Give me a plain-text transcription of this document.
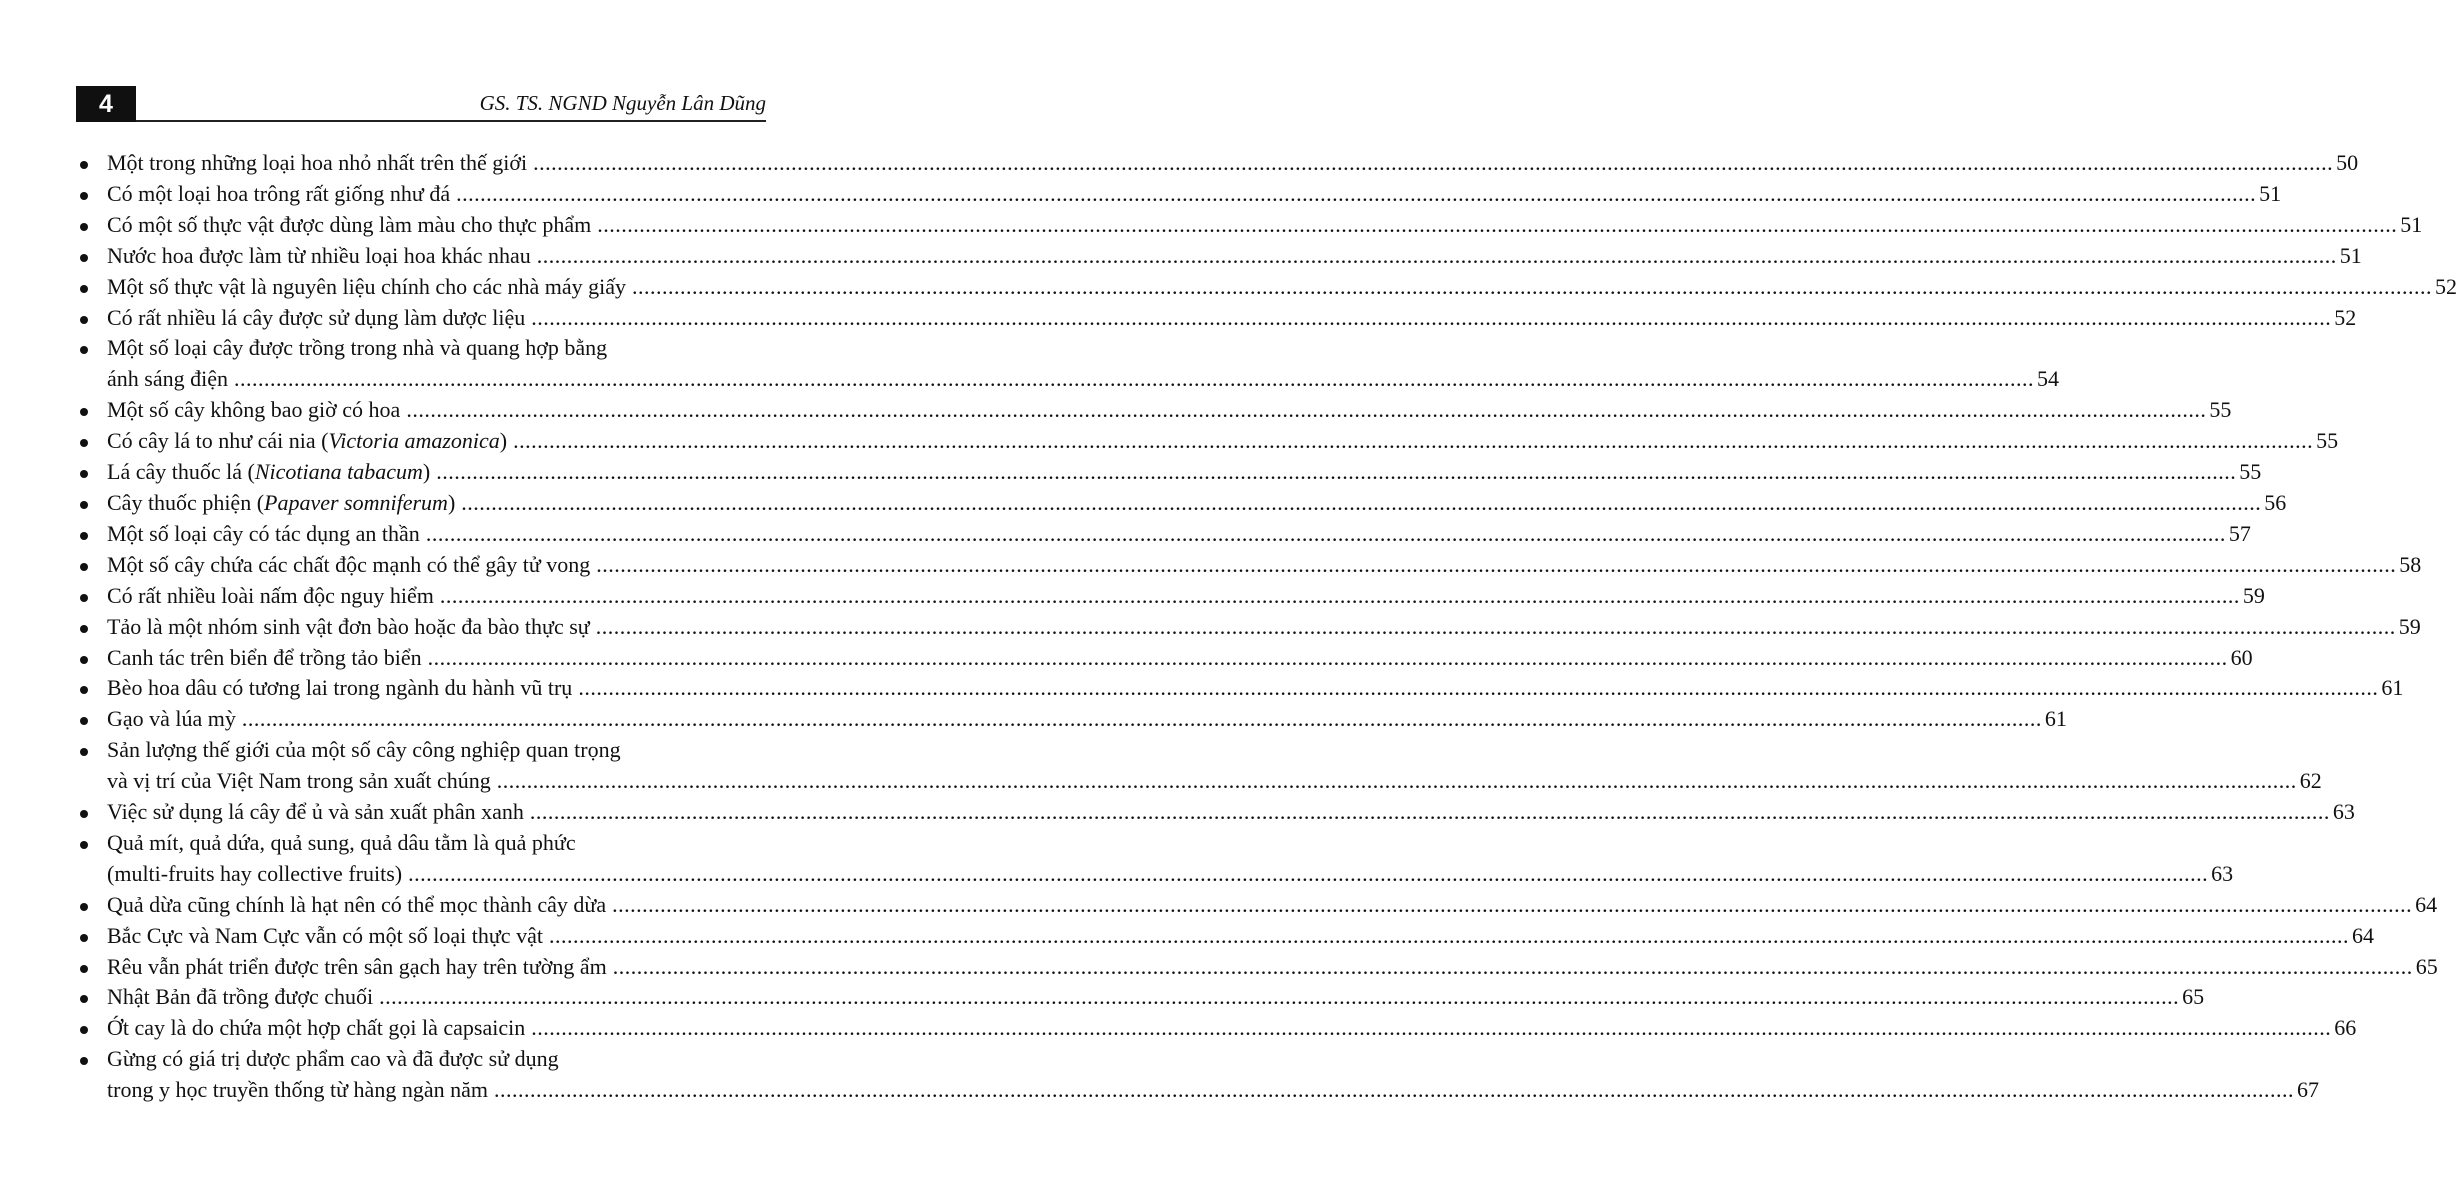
4	GS. TS. NGND Nguyễn Lân Dũng
Một trong những loại hoa nhỏ nhất trên thế giới ............................................................................................................................................................................................................................................................................................................ 50
Có một loại hoa trông rất giống như đá ............................................................................................................................................................................................................................................................................................................ 51
Có một số thực vật được dùng làm màu cho thực phẩm ............................................................................................................................................................................................................................................................................................................ 51
Nước hoa được làm từ nhiều loại hoa khác nhau ............................................................................................................................................................................................................................................................................................................ 51
Một số thực vật là nguyên liệu chính cho các nhà máy giấy ............................................................................................................................................................................................................................................................................................................ 52
Có rất nhiều lá cây được sử dụng làm dược liệu ............................................................................................................................................................................................................................................................................................................ 52
Một số loại cây được trồng trong nhà và quang hợp bằng
ánh sáng điện ............................................................................................................................................................................................................................................................................................................ 54
Một số cây không bao giờ có hoa ............................................................................................................................................................................................................................................................................................................ 55
Có cây lá to như cái nia (Victoria amazonica) ............................................................................................................................................................................................................................................................................................................ 55
Lá cây thuốc lá (Nicotiana tabacum) ............................................................................................................................................................................................................................................................................................................ 55
Cây thuốc phiện (Papaver somniferum) ............................................................................................................................................................................................................................................................................................................ 56
Một số loại cây có tác dụng an thần ............................................................................................................................................................................................................................................................................................................ 57
Một số cây chứa các chất độc mạnh có thể gây tử vong ............................................................................................................................................................................................................................................................................................................ 58
Có rất nhiều loài nấm độc nguy hiểm ............................................................................................................................................................................................................................................................................................................ 59
Tảo là một nhóm sinh vật đơn bào hoặc đa bào thực sự ............................................................................................................................................................................................................................................................................................................ 59
Canh tác trên biển để trồng tảo biển ............................................................................................................................................................................................................................................................................................................ 60
Bèo hoa dâu có tương lai trong ngành du hành vũ trụ ............................................................................................................................................................................................................................................................................................................ 61
Gạo và lúa mỳ ............................................................................................................................................................................................................................................................................................................ 61
Sản lượng thế giới của một số cây công nghiệp quan trọng
và vị trí của Việt Nam trong sản xuất chúng ............................................................................................................................................................................................................................................................................................................ 62
Việc sử dụng lá cây để ủ và sản xuất phân xanh ............................................................................................................................................................................................................................................................................................................ 63
Quả mít, quả dứa, quả sung, quả dâu tằm là quả phức
(multi-fruits hay collective fruits) ............................................................................................................................................................................................................................................................................................................ 63
Quả dừa cũng chính là hạt nên có thể mọc thành cây dừa ............................................................................................................................................................................................................................................................................................................ 64
Bắc Cực và Nam Cực vẫn có một số loại thực vật ............................................................................................................................................................................................................................................................................................................ 64
Rêu vẫn phát triển được trên sân gạch hay trên tường ẩm ............................................................................................................................................................................................................................................................................................................ 65
Nhật Bản đã trồng được chuối ............................................................................................................................................................................................................................................................................................................ 65
Ớt cay là do chứa một hợp chất gọi là capsaicin ............................................................................................................................................................................................................................................................................................................ 66
Gừng có giá trị dược phẩm cao và đã được sử dụng
trong y học truyền thống từ hàng ngàn năm ............................................................................................................................................................................................................................................................................................................ 67
